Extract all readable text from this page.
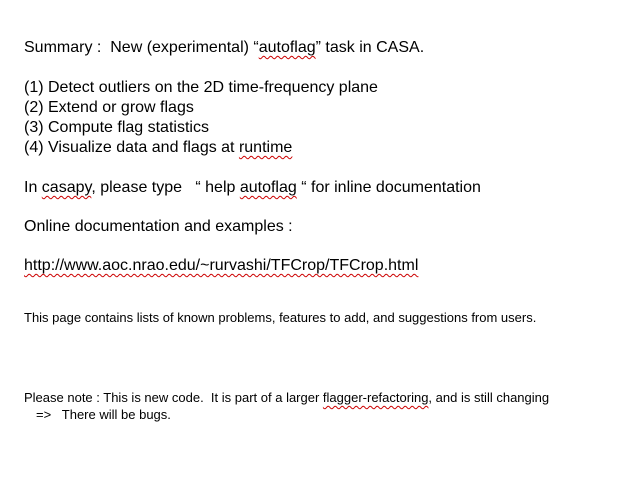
Summary :  New (experimental) “autoflag” task in CASA.
(1) Detect outliers on the 2D time-frequency plane
(2) Extend or grow flags
(3) Compute flag statistics
(4) Visualize data and flags at runtime
In casapy, please type   “ help autoflag “ for inline documentation
Online documentation and examples :
http://www.aoc.nrao.edu/~rurvashi/TFCrop/TFCrop.html
This page contains lists of known problems, features to add, and suggestions from users.
Please note : This is new code.  It is part of a larger flagger-refactoring, and is still changing
=>   There will be bugs.
